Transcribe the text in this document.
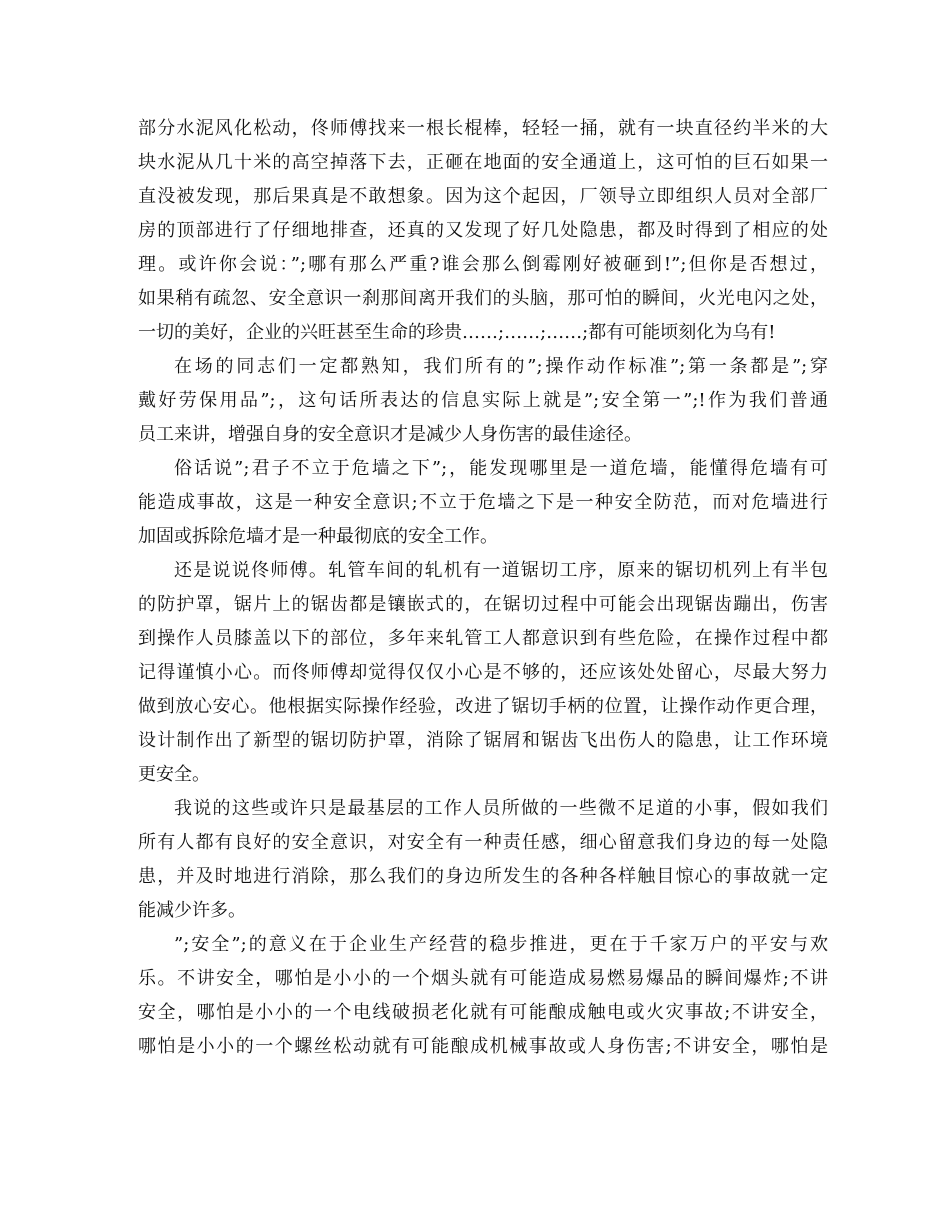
部分水泥风化松动，佟师傅找来一根长棍棒，轻轻一捅，就有一块直径约半米的大
块水泥从几十米的高空掉落下去，正砸在地面的安全通道上，这可怕的巨石如果一
直没被发现，那后果真是不敢想象。因为这个起因，厂领导立即组织人员对全部厂
房的顶部进行了仔细地排查，还真的又发现了好几处隐患，都及时得到了相应的处
理。或许你会说：”;哪有那么严重?谁会那么倒霉刚好被砸到!”;但你是否想过，
如果稍有疏忽、安全意识一刹那间离开我们的头脑，那可怕的瞬间，火光电闪之处，
一切的美好，企业的兴旺甚至生命的珍贵……;……;……;都有可能顷刻化为乌有!
在场的同志们一定都熟知，我们所有的”;操作动作标准”;第一条都是”;穿
戴好劳保用品”;，这句话所表达的信息实际上就是”;安全第一”;!作为我们普通
员工来讲，增强自身的安全意识才是减少人身伤害的最佳途径。
俗话说”;君子不立于危墙之下”;，能发现哪里是一道危墙，能懂得危墙有可
能造成事故，这是一种安全意识;不立于危墙之下是一种安全防范，而对危墙进行
加固或拆除危墙才是一种最彻底的安全工作。
还是说说佟师傅。轧管车间的轧机有一道锯切工序，原来的锯切机列上有半包
的防护罩，锯片上的锯齿都是镶嵌式的，在锯切过程中可能会出现锯齿蹦出，伤害
到操作人员膝盖以下的部位，多年来轧管工人都意识到有些危险，在操作过程中都
记得谨慎小心。而佟师傅却觉得仅仅小心是不够的，还应该处处留心，尽最大努力
做到放心安心。他根据实际操作经验，改进了锯切手柄的位置，让操作动作更合理，
设计制作出了新型的锯切防护罩，消除了锯屑和锯齿飞出伤人的隐患，让工作环境
更安全。
我说的这些或许只是最基层的工作人员所做的一些微不足道的小事，假如我们
所有人都有良好的安全意识，对安全有一种责任感，细心留意我们身边的每一处隐
患，并及时地进行消除，那么我们的身边所发生的各种各样触目惊心的事故就一定
能减少许多。
”;安全”;的意义在于企业生产经营的稳步推进，更在于千家万户的平安与欢
乐。不讲安全，哪怕是小小的一个烟头就有可能造成易燃易爆品的瞬间爆炸;不讲
安全，哪怕是小小的一个电线破损老化就有可能酿成触电或火灾事故;不讲安全，
哪怕是小小的一个螺丝松动就有可能酿成机械事故或人身伤害;不讲安全，哪怕是
